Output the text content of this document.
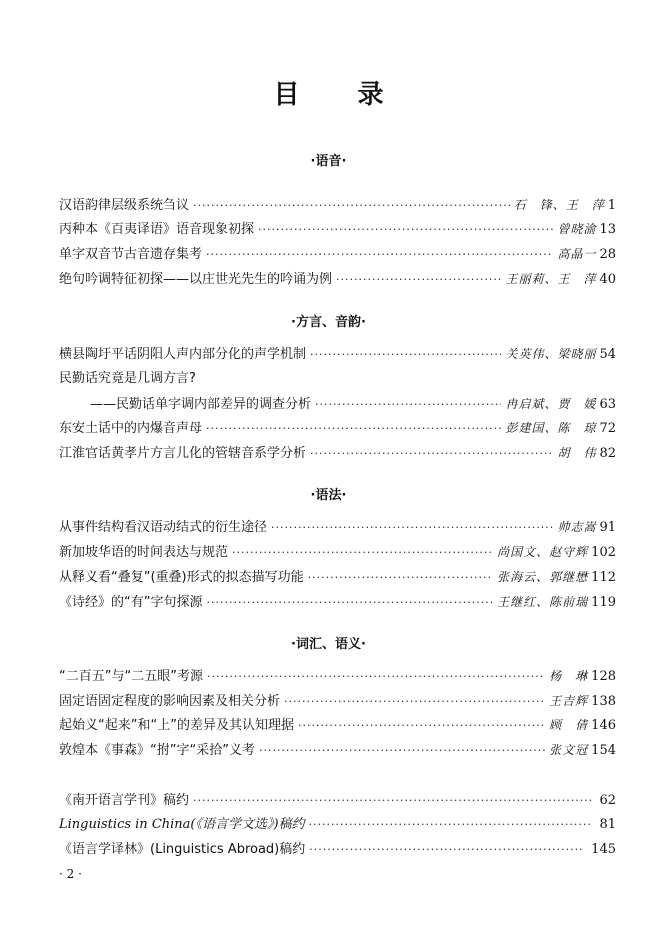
目 录
·语音·
汉语韵律层级系统刍议 ·····	石　锋、王　萍 1
丙种本《百夷译语》语音现象初探 ·····	曾晓渝 13
单字双音节古音遗存集考 ·····	高晶一 28
绝句吟调特征初探——以庄世光先生的吟诵为例 ·····	王丽莉、王　萍 40
·方言、音韵·
横县陶圩平话阴阳人声内部分化的声学机制 ·····	关英伟、梁晓丽 54
民勤话究竟是几调方言?
——民勤话单字调内部差异的调查分析 ·····	冉启斌、贾　媛 63
东安土话中的内爆音声母 ·····	彭建国、陈　琼 72
江淮官话黄孝片方言儿化的管辖音系学分析 ·····	胡　伟 82
·语法·
从事件结构看汉语动结式的衍生途径 ·····	帅志嵩 91
新加坡华语的时间表达与规范 ·····	尚国文、赵守辉 102
从释义看“叠复”(重叠)形式的拟态描写功能 ·····	张海云、郭继懋 112
《诗经》的“有”字句探源 ·····	王继红、陈前瑞 119
·词汇、语义·
“二百五”与“二五眼”考源 ·····	杨　琳 128
固定语固定程度的影响因素及相关分析 ·····	王吉辉 138
起始义“起来”和“上”的差异及其认知理据 ·····	顾　倩 146
敦煌本《事森》“拊”字“采拾”义考 ·····	张文冠 154
《南开语言学刊》稿约 ·····	62
Linguistics in China(《语言学文选》)稿约 ·····	81
《语言学译林》(Linguistics Abroad)稿约 ·····	145
· 2 ·
